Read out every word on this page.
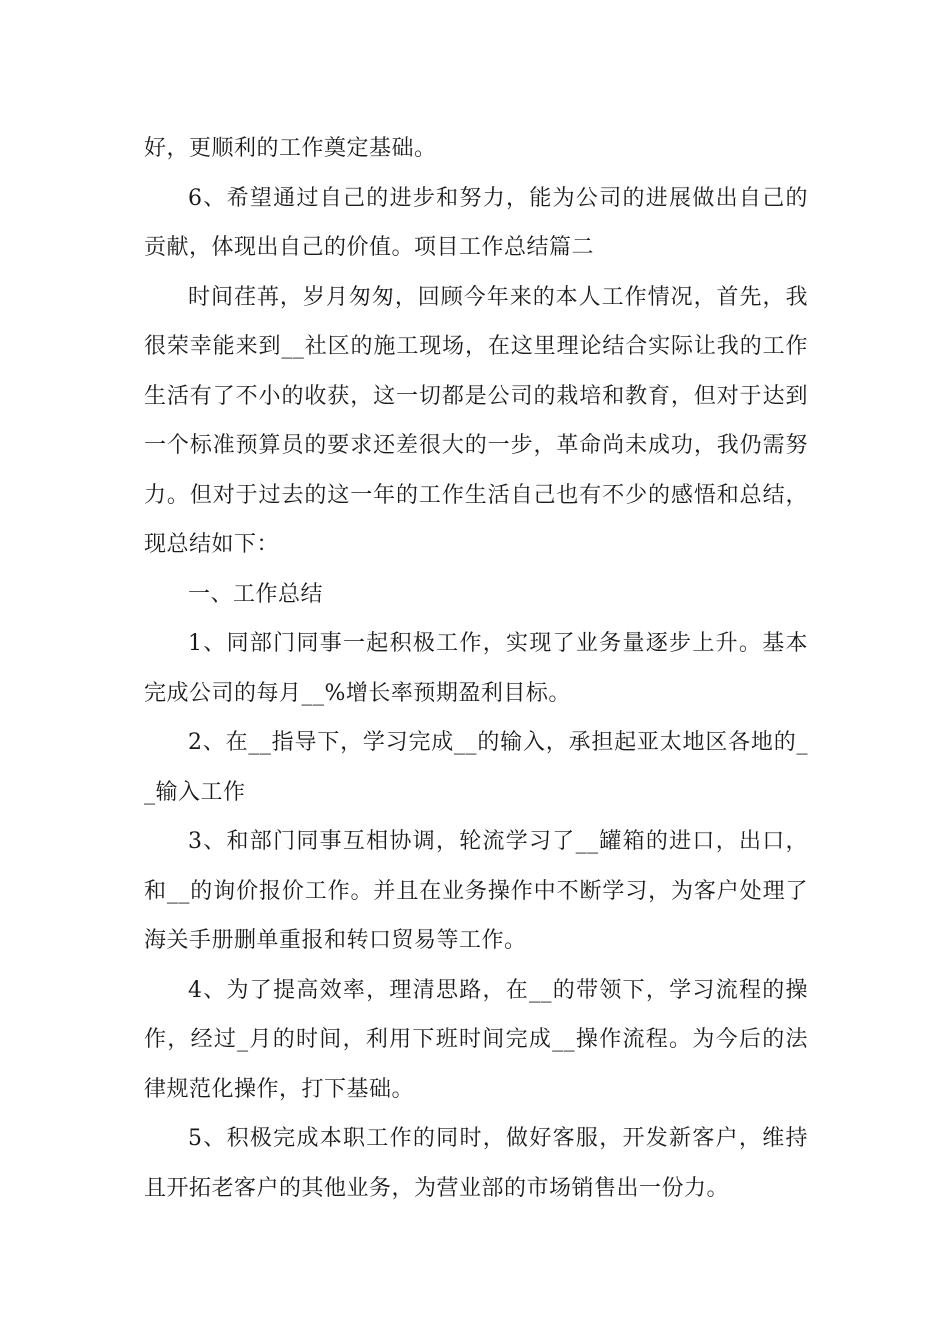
好，更顺利的工作奠定基础。

6、希望通过自己的进步和努力，能为公司的进展做出自己的贡献，体现出自己的价值。项目工作总结篇二

时间荏苒，岁月匆匆，回顾今年来的本人工作情况，首先，我很荣幸能来到__社区的施工现场，在这里理论结合实际让我的工作生活有了不小的收获，这一切都是公司的栽培和教育，但对于达到一个标准预算员的要求还差很大的一步，革命尚未成功，我仍需努力。但对于过去的这一年的工作生活自己也有不少的感悟和总结，现总结如下：

一、工作总结

1、同部门同事一起积极工作，实现了业务量逐步上升。基本完成公司的每月__%增长率预期盈利目标。

2、在__指导下，学习完成__的输入，承担起亚太地区各地的__输入工作

3、和部门同事互相协调，轮流学习了__罐箱的进口，出口，和__的询价报价工作。并且在业务操作中不断学习，为客户处理了海关手册删单重报和转口贸易等工作。

4、为了提高效率，理清思路，在__的带领下，学习流程的操作，经过_月的时间，利用下班时间完成__操作流程。为今后的法律规范化操作，打下基础。

5、积极完成本职工作的同时，做好客服，开发新客户，维持且开拓老客户的其他业务，为营业部的市场销售出一份力。
